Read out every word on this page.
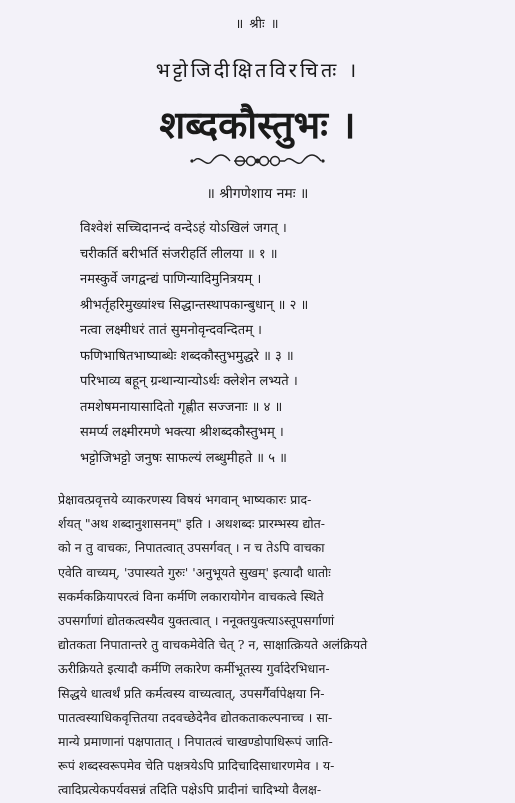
॥ श्रीः ॥
भट्टोजिदीक्षितविरचितः ।
शब्दकौस्तुभः ।
॥ श्रीगणेशाय नमः ॥
विश्वेशं सच्चिदानन्दं वन्देऽहं योऽखिलं जगत् ।
चरीकर्ति बरीभर्ति संजरीहर्ति लीलया ॥ १ ॥
नमस्कुर्वे जगद्वन्द्यं पाणिन्यादिमुनित्रयम् ।
श्रीभर्तृहरिमुख्यांश्च सिद्धान्तस्थापकान्बुधान् ॥ २ ॥
नत्वा लक्ष्मीधरं तातं सुमनोवृन्दवन्दितम् ।
फणिभाषितभाष्याब्धेः शब्दकौस्तुभमुद्धरे ॥ ३ ॥
परिभाव्य बहून् ग्रन्थान्यान्योऽर्थः क्लेशेन लभ्यते ।
तमशेषमनायासादितो गृह्णीत सज्जनाः ॥ ४ ॥
समर्प्य लक्ष्मीरमणे भक्त्या श्रीशब्दकौस्तुभम् ।
भट्टोजिभट्टो जनुषः साफल्यं लब्धुमीहते ॥ ५ ॥
प्रेक्षावत्प्रवृत्तये व्याकरणस्य विषयं भगवान् भाष्यकारः प्राद-
र्शयत् "अथ शब्दानुशासनम्" इति । अथशब्दः प्रारम्भस्य द्योत-
को न तु वाचकः, निपातत्वात् उपसर्गवत् । न च तेऽपि वाचका
एवेति वाच्यम्, 'उपास्यते गुरुः' 'अनुभूयते सुखम्' इत्यादौ धातोः
सकर्मकक्रियापरत्वं विना कर्मणि लकारायोगेन वाचकत्वे स्थिते
उपसर्गाणां द्योतकत्वस्यैव युक्तत्वात् । ननूक्तयुक्त्याऽस्तूपसर्गाणां
द्योतकता निपातान्तरे तु वाचकमेवेति चेत् ? न, साक्षात्क्रियते अलंक्रियते
ऊरीक्रियते इत्यादौ कर्मणि लकारेण कर्मीभूतस्य गुर्वादेरभिधान-
सिद्धये धात्वर्थं प्रति कर्मत्वस्य वाच्यत्वात्, उपसर्गैर्वापेक्षया नि-
पातत्वस्याधिकवृत्तितया तदवच्छेदेनैव द्योतकताकल्पनाच्च । सा-
मान्ये प्रमाणानां पक्षपातात् । निपातत्वं चाखण्डोपाधिरूपं जाति-
रूपं शब्दस्वरूपमेव चेति पक्षत्रयेऽपि प्रादिचादिसाधारणमेव । य-
त्वादिप्रत्येकपर्यवसन्नं तदिति पक्षेऽपि प्रादीनां चादिभ्यो वैलक्ष-
